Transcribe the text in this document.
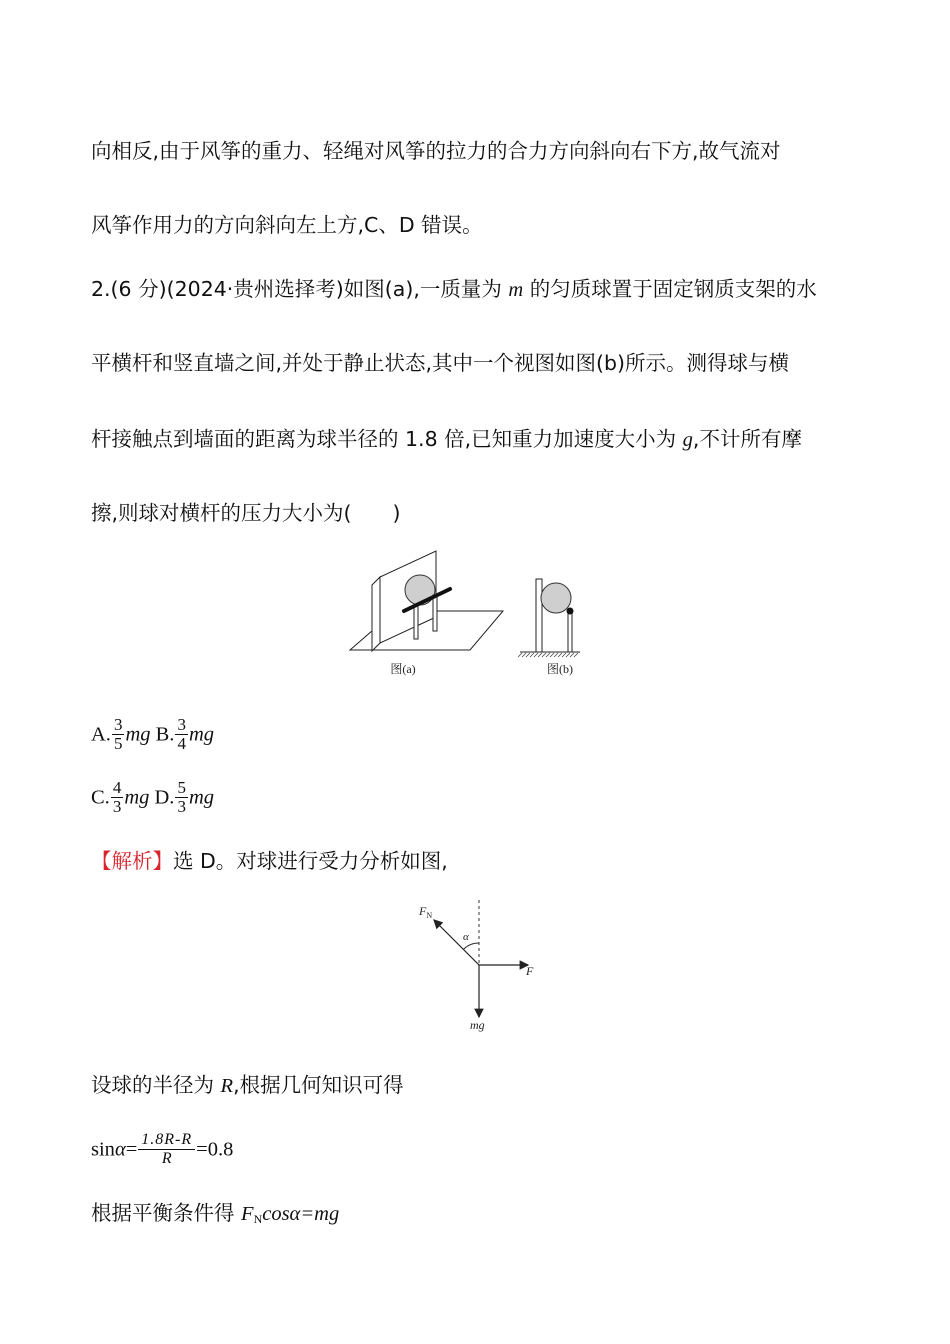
向相反,由于风筝的重力、轻绳对风筝的拉力的合力方向斜向右下方,故气流对

风筝作用力的方向斜向左上方,C、D 错误。

2.(6 分)(2024·贵州选择考)如图(a),一质量为 m 的匀质球置于固定钢质支架的水

平横杆和竖直墙之间,并处于静止状态,其中一个视图如图(b)所示。测得球与横

杆接触点到墙面的距离为球半径的 1.8 倍,已知重力加速度大小为 g,不计所有摩

擦,则球对横杆的压力大小为(　　)

图(a)	图(b)

A. $\frac{3}{5}$ mg B. $\frac{3}{4}$ mg

C. $\frac{4}{3}$ mg D. $\frac{5}{3}$ mg

【解析】选 D。对球进行受力分析如图,

$F_N$
α
F
mg

设球的半径为 R,根据几何知识可得

$\sin\alpha= \frac{1.8R-R}{R} =0.8$

根据平衡条件得 $F_N\cos\alpha=mg$
